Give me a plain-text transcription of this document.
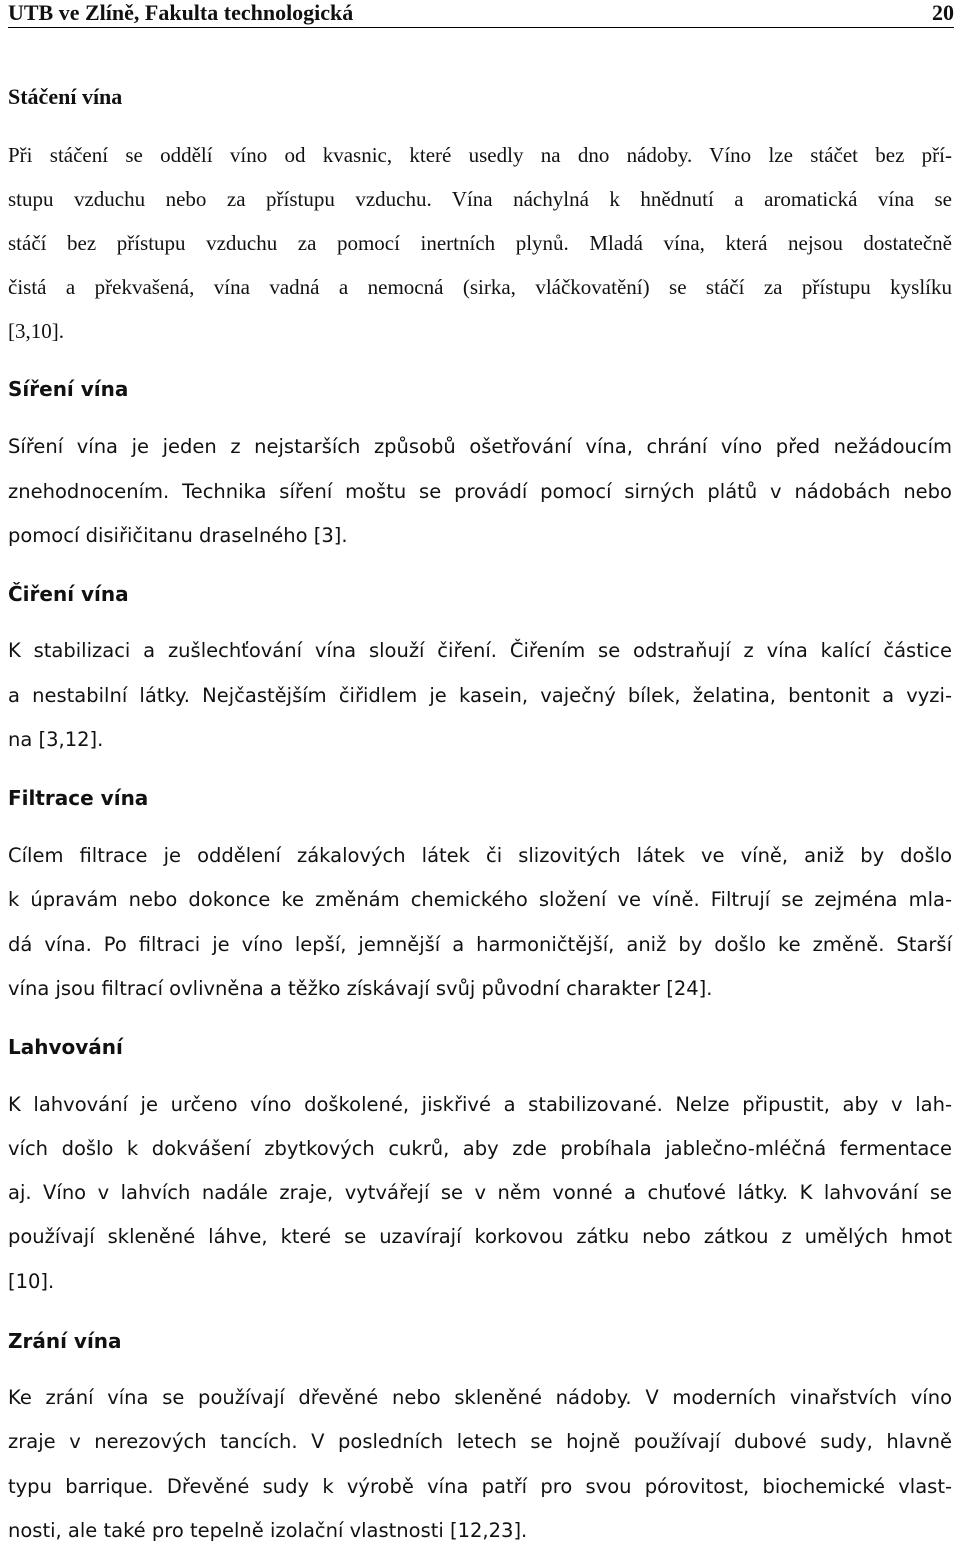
UTB ve Zlíně, Fakulta technologická	20
Stáčení vína

Při stáčení se oddělí víno od kvasnic, které usedly na dno nádoby. Víno lze stáčet bez pří-

stupu vzduchu nebo za přístupu vzduchu. Vína náchylná k hnědnutí a aromatická vína se

stáčí bez přístupu vzduchu za pomocí inertních plynů. Mladá vína, která nejsou dostatečně

čistá a překvašená, vína vadná a nemocná (sirka, vláčkovatění) se stáčí za přístupu kyslíku

[3,10].

Síření vína

Síření vína je jeden z nejstarších způsobů ošetřování vína, chrání víno před nežádoucím

znehodnocením. Technika síření moštu se provádí pomocí sirných plátů v nádobách nebo

pomocí disiřičitanu draselného [3].

Čiření vína

K stabilizaci a zušlechťování vína slouží čiření. Čiřením se odstraňují z vína kalící částice

a nestabilní látky. Nejčastějším čiřidlem je kasein, vaječný bílek, želatina, bentonit a vyzi-

na [3,12].

Filtrace vína

Cílem filtrace je oddělení zákalových látek či slizovitých látek ve víně, aniž by došlo

k úpravám nebo dokonce ke změnám chemického složení ve víně. Filtrují se zejména mla-

dá vína. Po filtraci je víno lepší, jemnější a harmoničtější, aniž by došlo ke změně. Starší

vína jsou filtrací ovlivněna a těžko získávají svůj původní charakter [24].

Lahvování

K lahvování je určeno víno doškolené, jiskřivé a stabilizované. Nelze připustit, aby v lah-

vích došlo k dokvášení zbytkových cukrů, aby zde probíhala jablečno-mléčná fermentace

aj. Víno v lahvích nadále zraje, vytvářejí se v něm vonné a chuťové látky. K lahvování se

používají skleněné láhve, které se uzavírají korkovou zátku nebo zátkou z umělých hmot

[10].

Zrání vína

Ke zrání vína se používají dřevěné nebo skleněné nádoby. V moderních vinařstvích víno

zraje v nerezových tancích. V posledních letech se hojně používají dubové sudy, hlavně

typu barrique. Dřevěné sudy k výrobě vína patří pro svou pórovitost, biochemické vlast-

nosti, ale také pro tepelně izolační vlastnosti [12,23].
